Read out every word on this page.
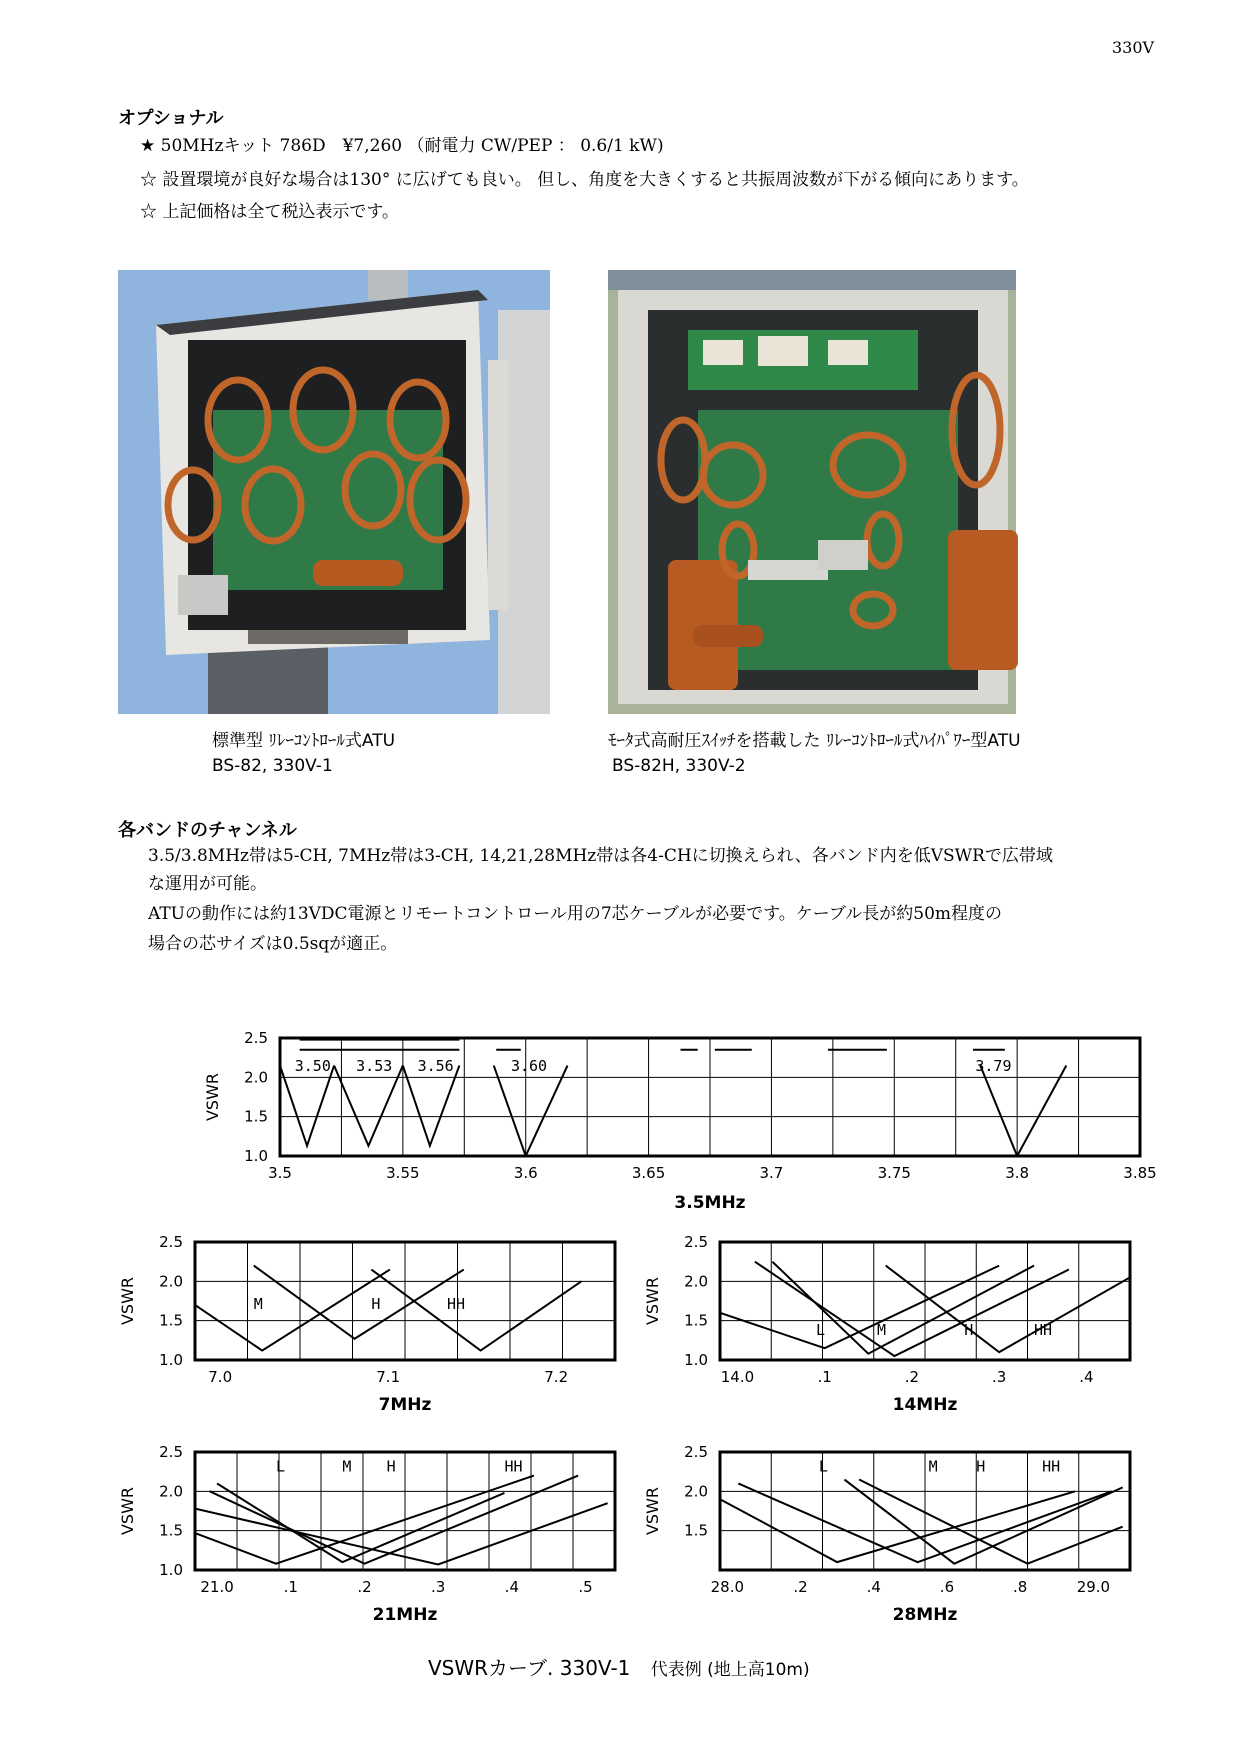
330V
オプショナル
★ 50MHzキット 786D　¥7,260 （耐電力 CW/PEP ： 0.6/1 kW)
☆ 設置環境が良好な場合は130° に広げても良い。 但し、角度を大きくすると共振周波数が下がる傾向にあります。
☆ 上記価格は全て税込表示です。
標準型 ﾘﾚｰｺﾝﾄﾛｰﾙ式ATU
BS-82, 330V-1
ﾓｰﾀ式高耐圧ｽｲｯﾁを搭載した ﾘﾚｰｺﾝﾄﾛｰﾙ式ﾊｲﾊﾟﾜｰ型ATU
BS-82H, 330V-2
各バンドのチャンネル
3.5/3.8MHz帯は5-CH, 7MHz帯は3-CH, 14,21,28MHz帯は各4-CHに切換えられ、各バンド内を低VSWRで広帯域
な運用が可能。
ATUの動作には約13VDC電源とリモートコントロール用の7芯ケーブルが必要です。ケーブル長が約50m程度の
場合の芯サイズは0.5sqが適正。
2.5
2.0
1.5
1.0
3.5	3.55	3.6	3.65	3.7	3.75	3.8	3.85
VSWR
3.5MHz
3.50 3.53 3.56	3.60	3.79
2.5
2.0
1.5
1.0
7.0	7.1	7.2
VSWR
7MHz
M	H	HH
2.5
2.0
1.5
1.0
14.0	.1	.2	.3	.4
VSWR
14MHz
L	M	H	HH
2.5
2.0
1.5
1.0
21.0	.1	.2	.3	.4	.5
VSWR
21MHz
L	M H	HH
2.5
2.0
1.5
28.0	.2	.4	.6	.8	29.0
VSWR
28MHz
L	M	H	HH
VSWRカーブ. 330V-1 代表例 (地上高10m)
